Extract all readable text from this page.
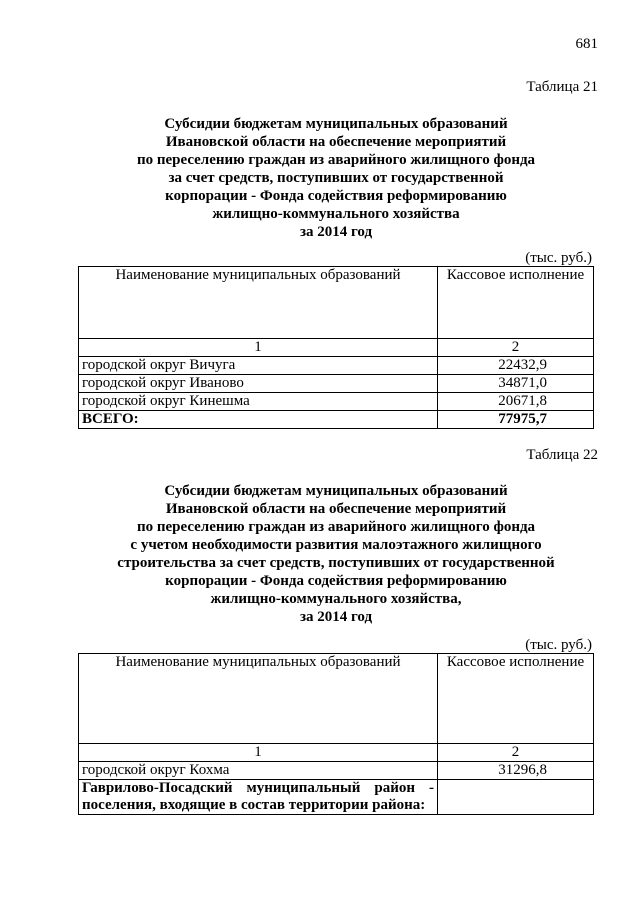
681
Таблица 21
Субсидии бюджетам муниципальных образований
Ивановской области на обеспечение мероприятий
по переселению граждан из аварийного жилищного фонда
за счет средств, поступивших от государственной
корпорации - Фонда содействия реформированию
жилищно-коммунального хозяйства
за 2014 год
(тыс. руб.)
Наименование муниципальных образований	Кассовое исполнение
1	2
городской округ Вичуга	22432,9
городской округ Иваново	34871,0
городской округ Кинешма	20671,8
ВСЕГО:	77975,7
Таблица 22
Субсидии бюджетам муниципальных образований
Ивановской области на обеспечение мероприятий
по переселению граждан из аварийного жилищного фонда
с учетом необходимости развития малоэтажного жилищного
строительства за счет средств, поступивших от государственной
корпорации - Фонда содействия реформированию
жилищно-коммунального хозяйства,
за 2014 год
(тыс. руб.)
Наименование муниципальных образований	Кассовое исполнение
1	2
городской округ Кохма	31296,8

Гаврилово-Посадский муниципальный район -
поселения, входящие в состав территории района:	
